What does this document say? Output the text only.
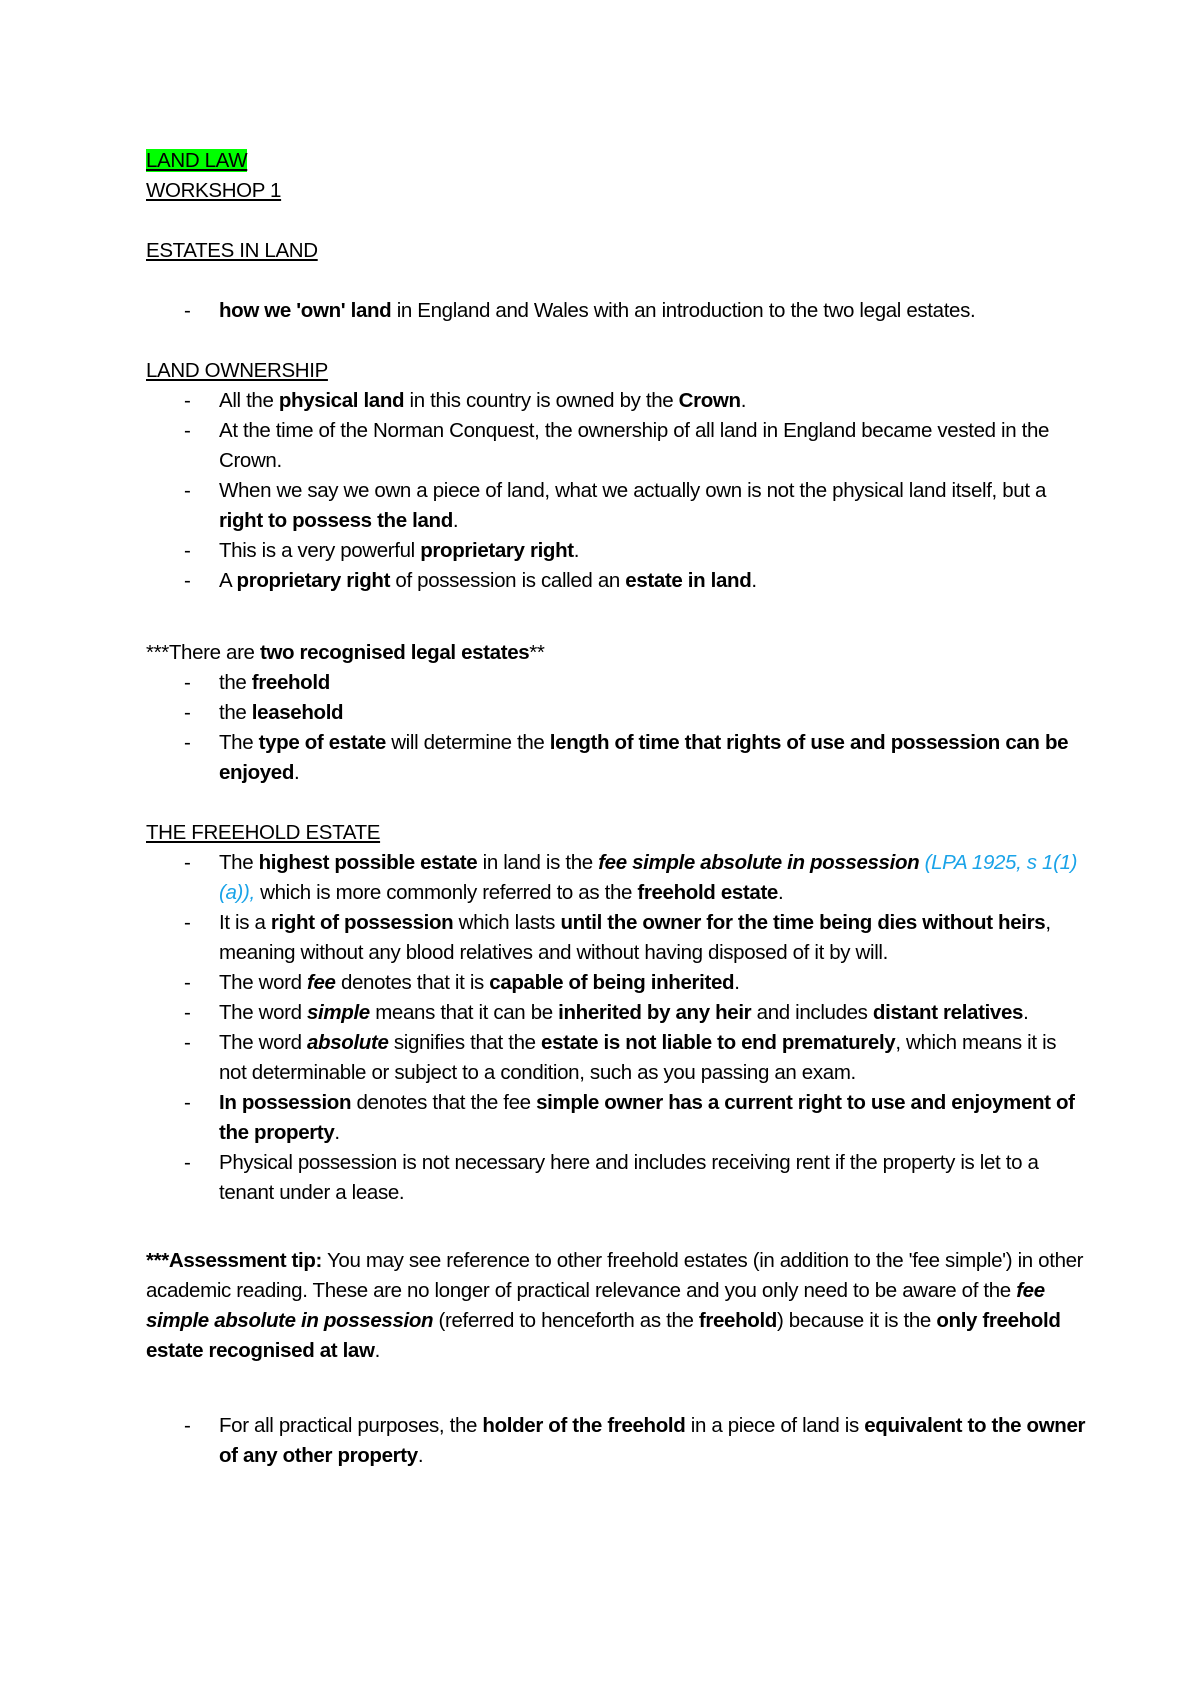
LAND LAW

WORKSHOP 1

ESTATES IN LAND

- how we 'own' land in England and Wales with an introduction to the two legal estates.

LAND OWNERSHIP

- All the physical land in this country is owned by the Crown.
- At the time of the Norman Conquest, the ownership of all land in England became vested in the Crown.
- When we say we own a piece of land, what we actually own is not the physical land itself, but a right to possess the land.
- This is a very powerful proprietary right.
- A proprietary right of possession is called an estate in land.

***There are two recognised legal estates**

- the freehold
- the leasehold
- The type of estate will determine the length of time that rights of use and possession can be enjoyed.

THE FREEHOLD ESTATE

- The highest possible estate in land is the fee simple absolute in possession (LPA 1925, s 1(1)(a)), which is more commonly referred to as the freehold estate.
- It is a right of possession which lasts until the owner for the time being dies without heirs, meaning without any blood relatives and without having disposed of it by will.
- The word fee denotes that it is capable of being inherited.
- The word simple means that it can be inherited by any heir and includes distant relatives.
- The word absolute signifies that the estate is not liable to end prematurely, which means it is not determinable or subject to a condition, such as you passing an exam.
- In possession denotes that the fee simple owner has a current right to use and enjoyment of the property.
- Physical possession is not necessary here and includes receiving rent if the property is let to a tenant under a lease.

***Assessment tip: You may see reference to other freehold estates (in addition to the 'fee simple') in other academic reading. These are no longer of practical relevance and you only need to be aware of the fee simple absolute in possession (referred to henceforth as the freehold) because it is the only freehold estate recognised at law.

- For all practical purposes, the holder of the freehold in a piece of land is equivalent to the owner of any other property.
